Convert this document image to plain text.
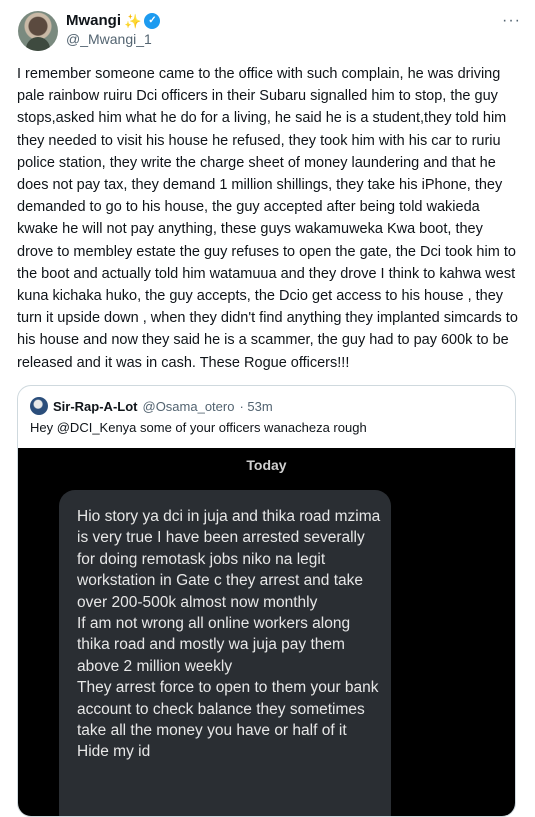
Mwangi ✨ ✓
@_Mwangi_1
···

I remember someone came to the office with such complain, he was driving pale rainbow ruiru Dci officers in their Subaru signalled him to stop, the guy stops,asked him what he do for a living, he said he is a student,they told him they needed to visit his house he refused, they took him with his car to ruriu police station, they write the charge sheet of money laundering and that he does not pay tax, they demand 1 million shillings, they take his iPhone, they demanded to go to his house, the guy accepted after being told wakieda kwake he will not pay anything, these guys wakamuweka Kwa boot, they drove to membley estate the guy refuses to open the gate, the Dci took him to the boot and actually told him watamuua and they drove I think to kahwa west kuna kichaka huko, the guy accepts, the Dcio get access to his house , they turn it upside down , when they didn't find anything they implanted simcards to his house and now they said he is a scammer, the guy had to pay 600k to be released and it was in cash. These Rogue officers!!!

Sir-Rap-A-Lot @Osama_otero · 53m
Hey @DCI_Kenya some of your officers wanacheza rough
Today
Hio story ya dci in juja and thika road mzima is very true I have been arrested severally for doing remotask jobs niko na legit workstation in Gate c they arrest and take over 200-500k almost now monthly
If am not wrong all online workers along thika road and mostly wa juja pay them above 2 million weekly
They arrest force to open to them your bank account to check balance they sometimes take all the money you have or half of it
Hide my id
